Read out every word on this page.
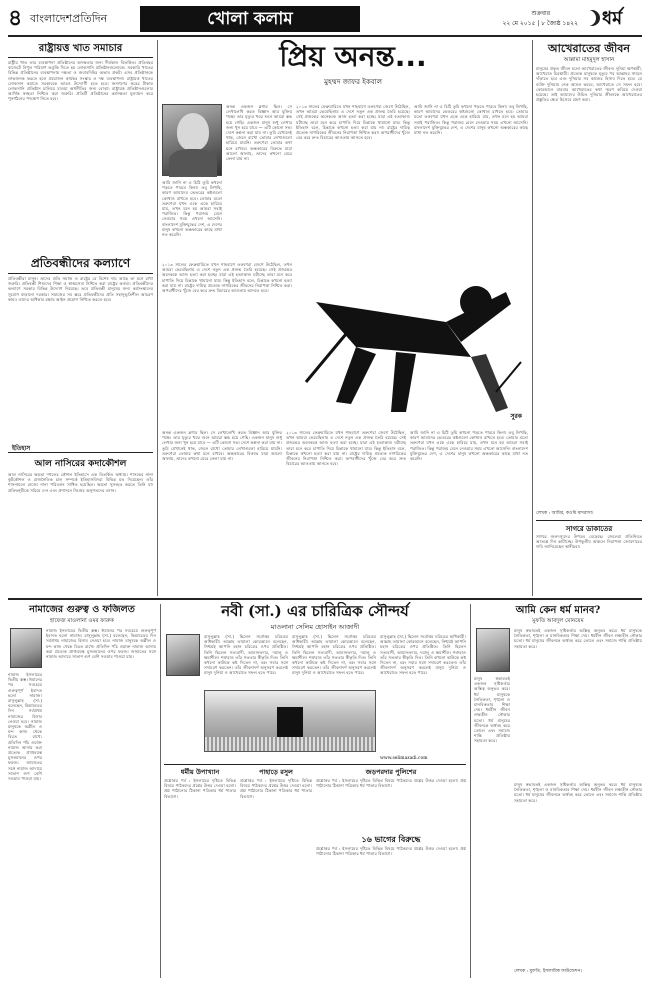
৪ বাংলাদেশপ্রতিদিন	খোলা কলাম	শুক্রবার
২২ মে ২০১৫ | ৮ জ্যৈষ্ঠ ১৪২২ ধর্ম
রাষ্ট্রায়ত্ত খাত সমাচার
রাষ্ট্রীয় খাত তার ব্যবস্থাপনা প্রতিষ্ঠানের অদক্ষতার জন্য দীর্ঘকাল বিতর্কিত। প্রতিবছর বাজেটে বিপুল পরিমাণ ভর্তুকি দিতে হয় লোকসানি প্রতিষ্ঠানগুলোকে। সরকারি খাতের বিভিন্ন প্রতিষ্ঠানের ব্যবস্থাপনায় দক্ষতা ও জবাবদিহির অভাব প্রকট। এসব প্রতিষ্ঠানকে লাভজনক করতে হলে প্রয়োজন কার্যকর সংস্কার ও দক্ষ ব্যবস্থাপনা। রাষ্ট্রায়ত্ত খাতের লোকসান কমাতে সরকারকে আরও উদ্যোগী হতে হবে। জনগণের করের টাকায় লোকসানি প্রতিষ্ঠান চালিয়ে যাওয়া অর্থনীতির জন্য বোঝা। রাষ্ট্রায়ত্ত প্রতিষ্ঠানগুলোর আর্থিক স্বচ্ছতা নিশ্চিত করা জরুরি। প্রতিটি প্রতিষ্ঠানের কর্মদক্ষতা মূল্যায়ন করে পুনর্গঠনের পদক্ষেপ নিতে হবে।
প্রতিবন্ধীদের কল্যাণে
প্রতিবন্ধীরা মানুষ। তাদের প্রতি সমাজ ও রাষ্ট্রের যে বিশেষ দায় আছে তা মনে রাখা জরুরি। প্রতিবন্ধী শিশুদের শিক্ষা ও স্বাস্থ্যসেবা নিশ্চিত করা রাষ্ট্রের কর্তব্য। প্রতিবন্ধীদের কল্যাণে সরকার বিভিন্ন উদ্যোগ নিয়েছে। তবে প্রতিবন্ধী মানুষের জন্য কর্মসংস্থানের সুযোগ বাড়ানো দরকার। সমাজের সব স্তরে প্রতিবন্ধীদের প্রতি সহানুভূতিশীল আচরণ কাম্য। তাদের অধিকার রক্ষায় আইন প্রয়োগ নিশ্চিত করতে হবে।
ইতিহাস
আল নাসিরের কদাকৌশল
আল নাসিরের ক্ষমতা দখলের কৌশল ইতিহাসে এক বিতর্কিত অধ্যায়। শাসকের নানা কূটকৌশল ও রাজনৈতিক চাল সম্পর্কে ইতিহাসবিদরা বিভিন্ন মত দিয়েছেন। তাঁর শাসনামলে রাজ্যে নানা পরিবর্তন সাধিত হয়েছিল। ক্ষমতা সুসংহত করতে তিনি বহু প্রতিদ্বন্দ্বীকে সরিয়ে দেন এবং প্রশাসনে নিজের অনুগতদের বসান।
প্রিয় অনন্ত...
মুহম্মদ জাফর ইকবাল
অনন্ত একজন ব্লগার ছিল। সে লেখালেখি করত বিজ্ঞান আর যুক্তির পক্ষে। তার মৃত্যুর খবর শুনে আমরা স্তব্ধ হয়ে গেছি। একজন মানুষ শুধু লেখার জন্য খুন হয়ে যাবে — এটি কোনো সভ্য দেশে কল্পনা করা যায় না। তুমি যেখানেই থাক, জেনে রাখো তোমার লেখাগুলো হারিয়ে যায়নি। তরুণেরা তোমার কথা মনে রাখবে। অন্ধকারের বিরুদ্ধে যারা আলো জ্বালায়, তাদের কখনো মেরে ফেলা যায় না।
আমি জানি না এ চিঠি তুমি কখনো পড়তে পারবে কিনা। তবু লিখছি, কারণ আমাদের ভেতরের কষ্টগুলো কোথাও রাখতে হবে। তোমার মতো তরুণেরা যখন একে একে হারিয়ে যায়, তখন মনে হয় আমরা সবাই পরাজিত। কিন্তু পরাজয় মেনে নেওয়ার সময় এখনো আসেনি। বাংলাদেশ মুক্তিযুদ্ধের দেশ, এ দেশের মানুষ কখনো অন্ধকারের কাছে মাথা নত করেনি।
২০১৩ সালের ফেব্রুয়ারিতে যখন শাহবাগে তরুণেরা জেগে উঠেছিল, তখন আমরা ভেবেছিলাম এ দেশে নতুন এক প্রজন্ম তৈরি হয়েছে। সেই প্রজন্মের অনেককে আজ হত্যা করা হচ্ছে। যারা এই হত্যাকাণ্ড ঘটাচ্ছে তারা মনে করে চাপাতি দিয়ে চিন্তাকে থামানো যায়। কিন্তু ইতিহাস বলে, চিন্তাকে কখনো হত্যা করা যায় না। রাষ্ট্রের দায়িত্ব প্রত্যেক নাগরিকের জীবনের নিরাপত্তা নিশ্চিত করা। অপরাধীদের খুঁজে বের করে দ্রুত বিচারের আওতায় আনতে হবে।
আমি জানি না এ চিঠি তুমি কখনো পড়তে পারবে কিনা। তবু লিখছি, কারণ আমাদের ভেতরের কষ্টগুলো কোথাও রাখতে হবে। তোমার মতো তরুণেরা যখন একে একে হারিয়ে যায়, তখন মনে হয় আমরা সবাই পরাজিত। কিন্তু পরাজয় মেনে নেওয়ার সময় এখনো আসেনি। বাংলাদেশ মুক্তিযুদ্ধের দেশ, এ দেশের মানুষ কখনো অন্ধকারের কাছে মাথা নত করেনি।
সুরক
২০১৩ সালের ফেব্রুয়ারিতে যখন শাহবাগে তরুণেরা জেগে উঠেছিল, তখন আমরা ভেবেছিলাম এ দেশে নতুন এক প্রজন্ম তৈরি হয়েছে। সেই প্রজন্মের অনেককে আজ হত্যা করা হচ্ছে। যারা এই হত্যাকাণ্ড ঘটাচ্ছে তারা মনে করে চাপাতি দিয়ে চিন্তাকে থামানো যায়। কিন্তু ইতিহাস বলে, চিন্তাকে কখনো হত্যা করা যায় না। রাষ্ট্রের দায়িত্ব প্রত্যেক নাগরিকের জীবনের নিরাপত্তা নিশ্চিত করা। অপরাধীদের খুঁজে বের করে দ্রুত বিচারের আওতায় আনতে হবে।
অনন্ত একজন ব্লগার ছিল। সে লেখালেখি করত বিজ্ঞান আর যুক্তির পক্ষে। তার মৃত্যুর খবর শুনে আমরা স্তব্ধ হয়ে গেছি। একজন মানুষ শুধু লেখার জন্য খুন হয়ে যাবে — এটি কোনো সভ্য দেশে কল্পনা করা যায় না। তুমি যেখানেই থাক, জেনে রাখো তোমার লেখাগুলো হারিয়ে যায়নি। তরুণেরা তোমার কথা মনে রাখবে। অন্ধকারের বিরুদ্ধে যারা আলো জ্বালায়, তাদের কখনো মেরে ফেলা যায় না।
২০১৩ সালের ফেব্রুয়ারিতে যখন শাহবাগে তরুণেরা জেগে উঠেছিল, তখন আমরা ভেবেছিলাম এ দেশে নতুন এক প্রজন্ম তৈরি হয়েছে। সেই প্রজন্মের অনেককে আজ হত্যা করা হচ্ছে। যারা এই হত্যাকাণ্ড ঘটাচ্ছে তারা মনে করে চাপাতি দিয়ে চিন্তাকে থামানো যায়। কিন্তু ইতিহাস বলে, চিন্তাকে কখনো হত্যা করা যায় না। রাষ্ট্রের দায়িত্ব প্রত্যেক নাগরিকের জীবনের নিরাপত্তা নিশ্চিত করা। অপরাধীদের খুঁজে বের করে দ্রুত বিচারের আওতায় আনতে হবে।
আমি জানি না এ চিঠি তুমি কখনো পড়তে পারবে কিনা। তবু লিখছি, কারণ আমাদের ভেতরের কষ্টগুলো কোথাও রাখতে হবে। তোমার মতো তরুণেরা যখন একে একে হারিয়ে যায়, তখন মনে হয় আমরা সবাই পরাজিত। কিন্তু পরাজয় মেনে নেওয়ার সময় এখনো আসেনি। বাংলাদেশ মুক্তিযুদ্ধের দেশ, এ দেশের মানুষ কখনো অন্ধকারের কাছে মাথা নত করেনি।
আখেরাতের জীবন
আল্লামা মাহমুদুল হাসান
মানুষের প্রকৃত জীবন হলো আখেরাতের জীবন। দুনিয়া ক্ষণস্থায়ী, আখেরাত চিরস্থায়ী। প্রত্যেক মানুষকে মৃত্যুর পর আল্লাহর সামনে দাঁড়াতে হবে এবং দুনিয়ার সব কাজের হিসাব দিতে হবে। যে ব্যক্তি দুনিয়ায় নেক আমল করবে, আখেরাতে সে সফল হবে। কোরআনে বারবার আখেরাতের কথা স্মরণ করিয়ে দেওয়া হয়েছে। তাই আমাদের উচিত দুনিয়ার জীবনকে আখেরাতের প্রস্তুতির ক্ষেত্র হিসেবে গ্রহণ করা।
লেখক : আমির, কওমি মাদরাসা।
সাগরে ডাকাতের
সাগরে জলদস্যুদের উপদ্রব বেড়েছে। জেলেরা প্রতিনিয়ত আতঙ্কে দিন কাটাচ্ছে। উপকূলীয় অঞ্চলে নিরাপত্তা জোরদারের দাবি জানিয়েছেন স্থানীয়রা।
নামাজের গুরুত্ব ও ফজিলত
হাফেজ মাওলানা ওমর ফারুক
নামাজ ইসলামের দ্বিতীয় স্তম্ভ। ঈমানের পর সবচেয়ে গুরুত্বপূর্ণ ইবাদত হলো নামাজ। রাসুলুল্লাহ (সা.) বলেছেন, কিয়ামতের দিন সর্বপ্রথম নামাজের হিসাব নেওয়া হবে। নামাজ মানুষকে অশ্লীল ও মন্দ কাজ থেকে বিরত রাখে। প্রতিদিন পাঁচ ওয়াক্ত নামাজ আদায় করা প্রত্যেক প্রাপ্তবয়স্ক মুসলমানের ওপর ফরজ। জামাতের সঙ্গে নামাজ আদায়ে সাতাশ গুণ বেশি সওয়াব পাওয়া যায়।
নামাজ ইসলামের দ্বিতীয় স্তম্ভ। ঈমানের পর সবচেয়ে গুরুত্বপূর্ণ ইবাদত হলো নামাজ। রাসুলুল্লাহ (সা.) বলেছেন, কিয়ামতের দিন সর্বপ্রথম নামাজের হিসাব নেওয়া হবে। নামাজ মানুষকে অশ্লীল ও মন্দ কাজ থেকে বিরত রাখে। প্রতিদিন পাঁচ ওয়াক্ত নামাজ আদায় করা প্রত্যেক প্রাপ্তবয়স্ক মুসলমানের ওপর ফরজ। জামাতের সঙ্গে নামাজ আদায়ে সাতাশ গুণ বেশি সওয়াব পাওয়া যায়।
নবী (সা.) এর চারিত্রিক সৌন্দর্য
মাওলানা সেলিম হোসাইন আজাদী
রাসুলুল্লাহ (সা.) ছিলেন সর্বোত্তম চরিত্রের অধিকারী। আল্লাহ তায়ালা কোরআনে বলেছেন, নিশ্চয়ই আপনি মহান চরিত্রের ওপর প্রতিষ্ঠিত। তিনি ছিলেন সত্যবাদী, আমানতদার, দয়ালু ও ক্ষমাশীল। শত্রুরাও তাঁর সততার স্বীকৃতি দিত। তিনি কখনো কাউকে কষ্ট দিতেন না, বরং সবার সঙ্গে সদাচরণ করতেন। তাঁর জীবনাদর্শ অনুসরণ করলেই মানুষ দুনিয়া ও আখেরাতে সফল হতে পারে।
রাসুলুল্লাহ (সা.) ছিলেন সর্বোত্তম চরিত্রের অধিকারী। আল্লাহ তায়ালা কোরআনে বলেছেন, নিশ্চয়ই আপনি মহান চরিত্রের ওপর প্রতিষ্ঠিত। তিনি ছিলেন সত্যবাদী, আমানতদার, দয়ালু ও ক্ষমাশীল। শত্রুরাও তাঁর সততার স্বীকৃতি দিত। তিনি কখনো কাউকে কষ্ট দিতেন না, বরং সবার সঙ্গে সদাচরণ করতেন। তাঁর জীবনাদর্শ অনুসরণ করলেই মানুষ দুনিয়া ও আখেরাতে সফল হতে পারে।
রাসুলুল্লাহ (সা.) ছিলেন সর্বোত্তম চরিত্রের অধিকারী। আল্লাহ তায়ালা কোরআনে বলেছেন, নিশ্চয়ই আপনি মহান চরিত্রের ওপর প্রতিষ্ঠিত। তিনি ছিলেন সত্যবাদী, আমানতদার, দয়ালু ও ক্ষমাশীল। শত্রুরাও তাঁর সততার স্বীকৃতি দিত। তিনি কখনো কাউকে কষ্ট দিতেন না, বরং সবার সঙ্গে সদাচরণ করতেন। তাঁর জীবনাদর্শ অনুসরণ করলেই মানুষ দুনিয়া ও আখেরাতে সফল হতে পারে।
www.selimazadi.com
ধর্মীয় উপাখ্যান
প্রশ্নোত্তর পর্ব : ইসলামের দৃষ্টিতে বিভিন্ন বিষয়ে পাঠকদের প্রশ্নের উত্তর দেওয়া হলো। প্রশ্ন পাঠানোর ঠিকানা পত্রিকার ধর্ম পাতার বিভাগে।
পাহাড়ে রসুল
প্রশ্নোত্তর পর্ব : ইসলামের দৃষ্টিতে বিভিন্ন বিষয়ে পাঠকদের প্রশ্নের উত্তর দেওয়া হলো। প্রশ্ন পাঠানোর ঠিকানা পত্রিকার ধর্ম পাতার বিভাগে।
জড়পরদার পুলিশের
প্রশ্নোত্তর পর্ব : ইসলামের দৃষ্টিতে বিভিন্ন বিষয়ে পাঠকদের প্রশ্নের উত্তর দেওয়া হলো। প্রশ্ন পাঠানোর ঠিকানা পত্রিকার ধর্ম পাতার বিভাগে।
১৬ ভাগের বিরুদ্ধে
প্রশ্নোত্তর পর্ব : ইসলামের দৃষ্টিতে বিভিন্ন বিষয়ে পাঠকদের প্রশ্নের উত্তর দেওয়া হলো। প্রশ্ন পাঠানোর ঠিকানা পত্রিকার ধর্ম পাতার বিভাগে।
আমি কেন ধর্ম মানব?
মুফতি আবদুল মোনয়েম
মানুষ স্বভাবতই একজন সৃষ্টিকর্তার অস্তিত্ব অনুভব করে। ধর্ম মানুষকে নৈতিকতা, শৃঙ্খলা ও মানবিকতার শিক্ষা দেয়। ধর্মহীন জীবন লক্ষ্যহীন নৌকার মতো। ধর্ম মানুষের জীবনকে অর্থবহ করে তোলে এবং সমাজে শান্তি প্রতিষ্ঠায় সহায়তা করে।
মানুষ স্বভাবতই একজন সৃষ্টিকর্তার অস্তিত্ব অনুভব করে। ধর্ম মানুষকে নৈতিকতা, শৃঙ্খলা ও মানবিকতার শিক্ষা দেয়। ধর্মহীন জীবন লক্ষ্যহীন নৌকার মতো। ধর্ম মানুষের জীবনকে অর্থবহ করে তোলে এবং সমাজে শান্তি প্রতিষ্ঠায় সহায়তা করে।
মানুষ স্বভাবতই একজন সৃষ্টিকর্তার অস্তিত্ব অনুভব করে। ধর্ম মানুষকে নৈতিকতা, শৃঙ্খলা ও মানবিকতার শিক্ষা দেয়। ধর্মহীন জীবন লক্ষ্যহীন নৌকার মতো। ধর্ম মানুষের জীবনকে অর্থবহ করে তোলে এবং সমাজে শান্তি প্রতিষ্ঠায় সহায়তা করে।
লেখক : মুফতি, ইসলামিক ফাউন্ডেশন।
